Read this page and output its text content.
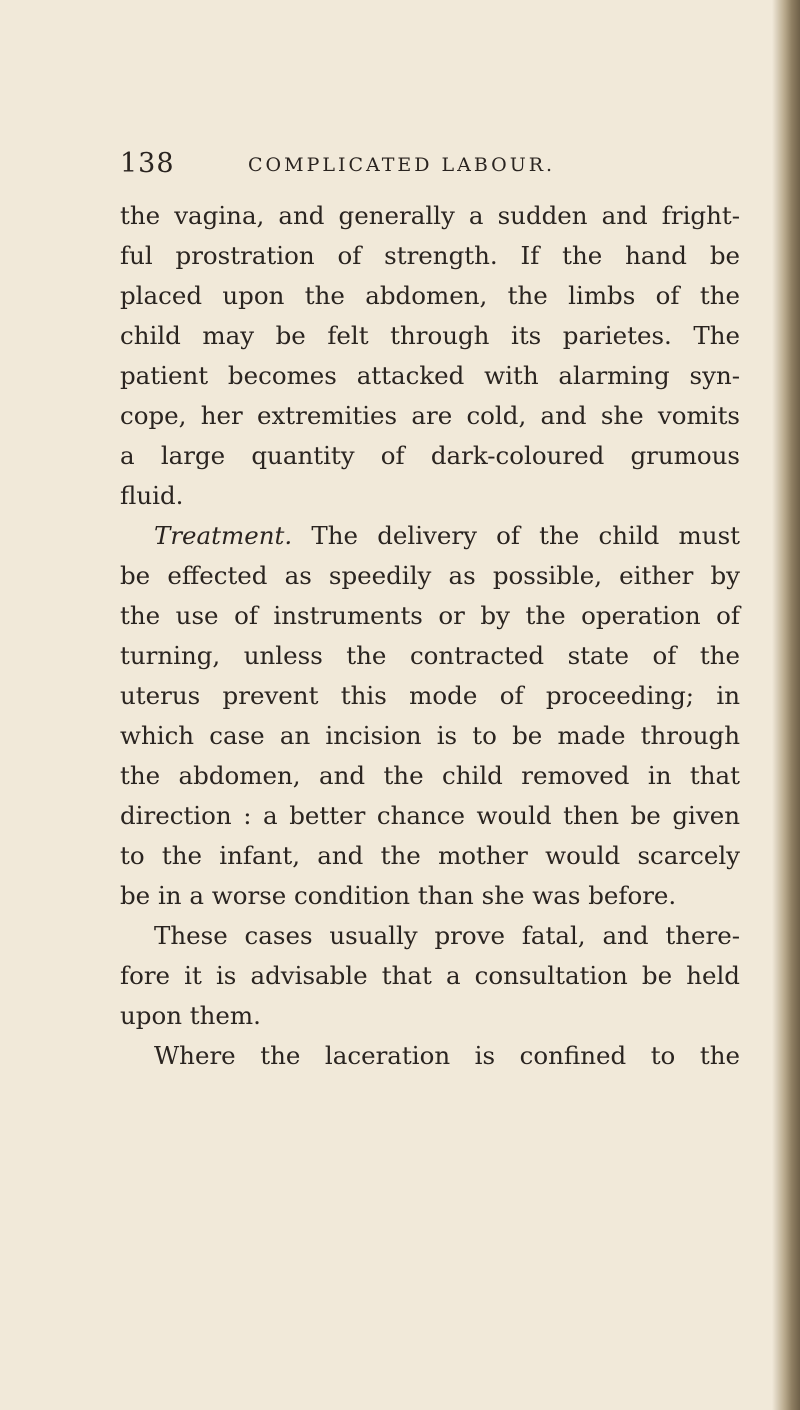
138	COMPLICATED LABOUR.
the vagina, and generally a sudden and fright-
ful prostration of strength. If the hand be
placed upon the abdomen, the limbs of the
child may be felt through its parietes. The
patient becomes attacked with alarming syn-
cope, her extremities are cold, and she vomits
a large quantity of dark-coloured grumous
fluid.
Treatment. The delivery of the child must
be effected as speedily as possible, either by
the use of instruments or by the operation of
turning, unless the contracted state of the
uterus prevent this mode of proceeding; in
which case an incision is to be made through
the abdomen, and the child removed in that
direction : a better chance would then be given
to the infant, and the mother would scarcely
be in a worse condition than she was before.
These cases usually prove fatal, and there-
fore it is advisable that a consultation be held
upon them.
Where the laceration is confined to the
